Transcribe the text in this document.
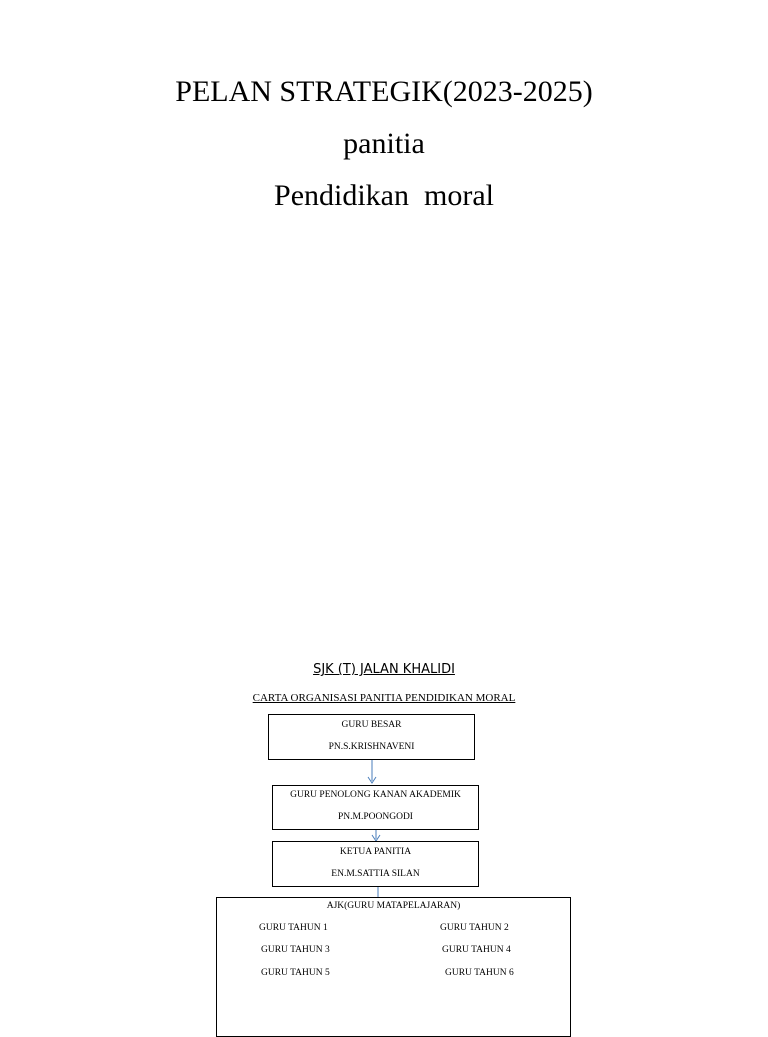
PELAN STRATEGIK(2023-2025)
panitia
Pendidikan  moral
SJK (T) JALAN KHALIDI
CARTA ORGANISASI PANITIA PENDIDIKAN MORAL
GURU BESAR
PN.S.KRISHNAVENI
GURU PENOLONG KANAN AKADEMIK
PN.M.POONGODI
KETUA PANITIA
EN.M.SATTIA SILAN
AJK(GURU MATAPELAJARAN)
GURU TAHUN 1	GURU TAHUN 2
GURU TAHUN 3	GURU TAHUN 4
GURU TAHUN 5	GURU TAHUN 6
